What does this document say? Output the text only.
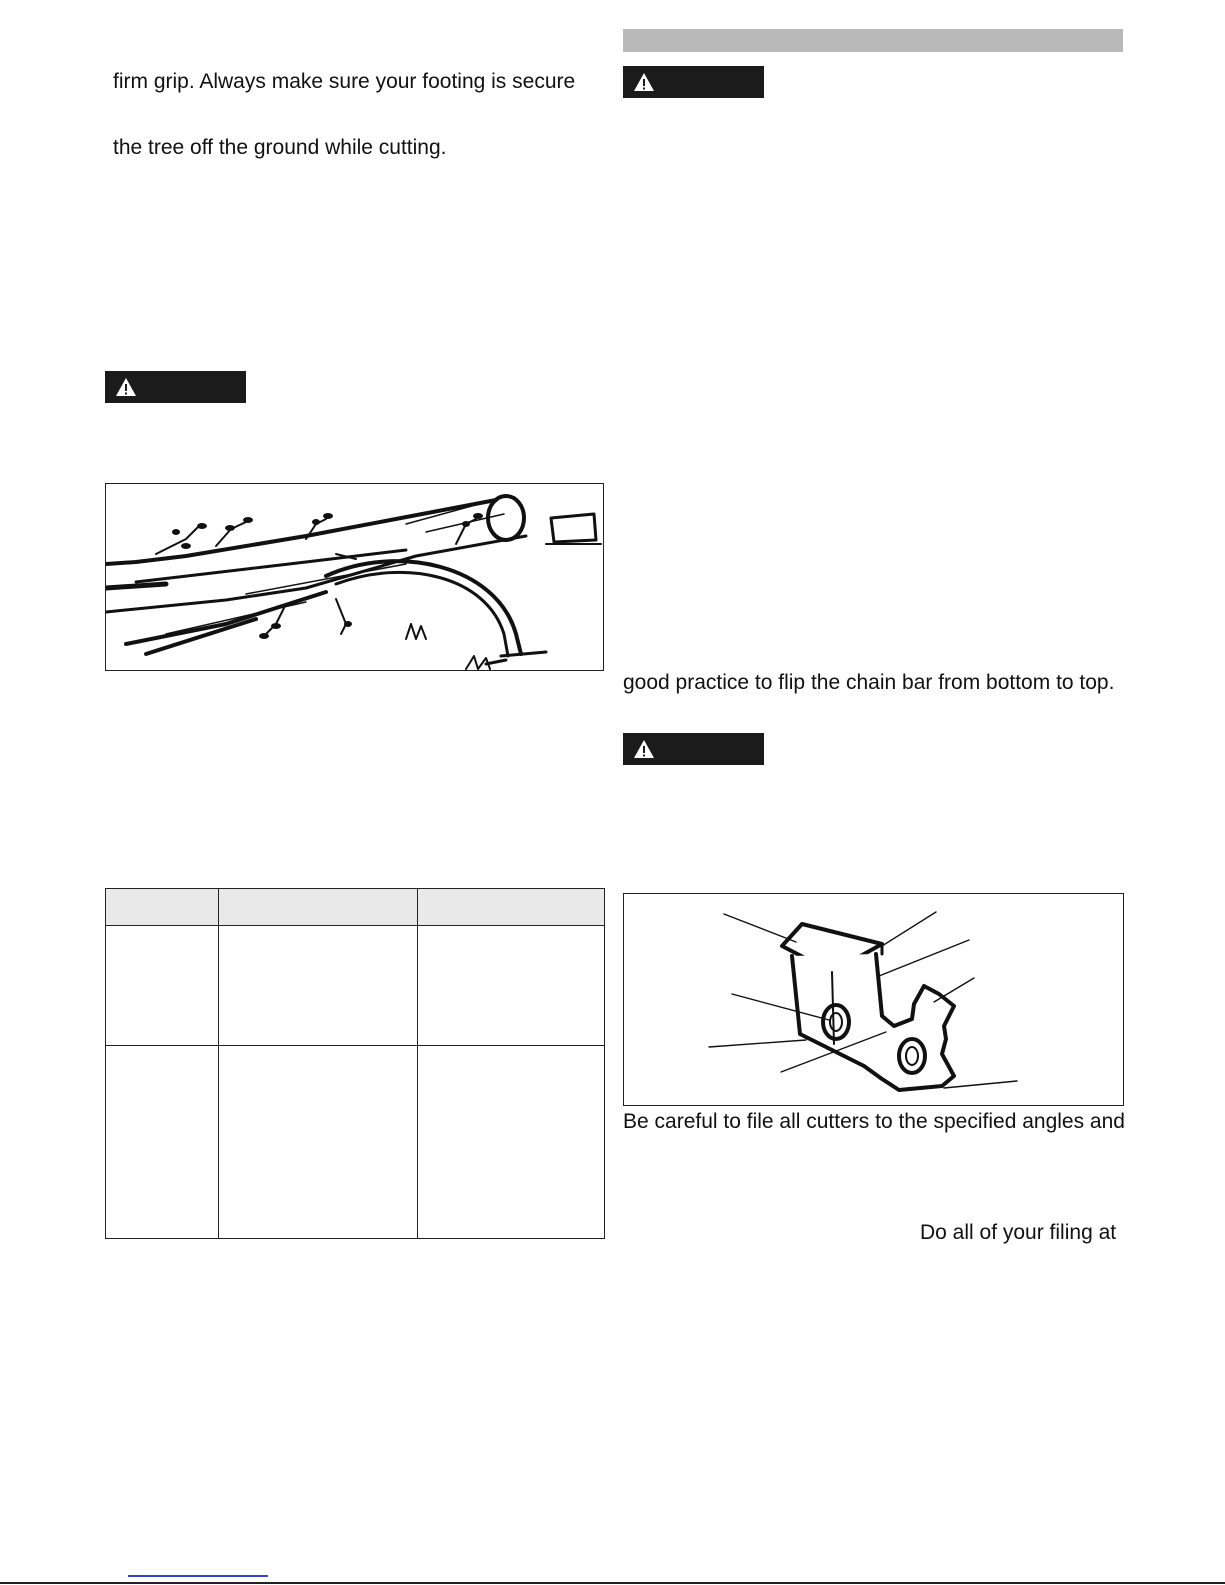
firm grip. Always make sure your footing is secure
the tree off the ground while cutting.

good practice to flip the chain bar from bottom to top.
Be careful to file all cutters to the specified angles and
Do all of your filing at
